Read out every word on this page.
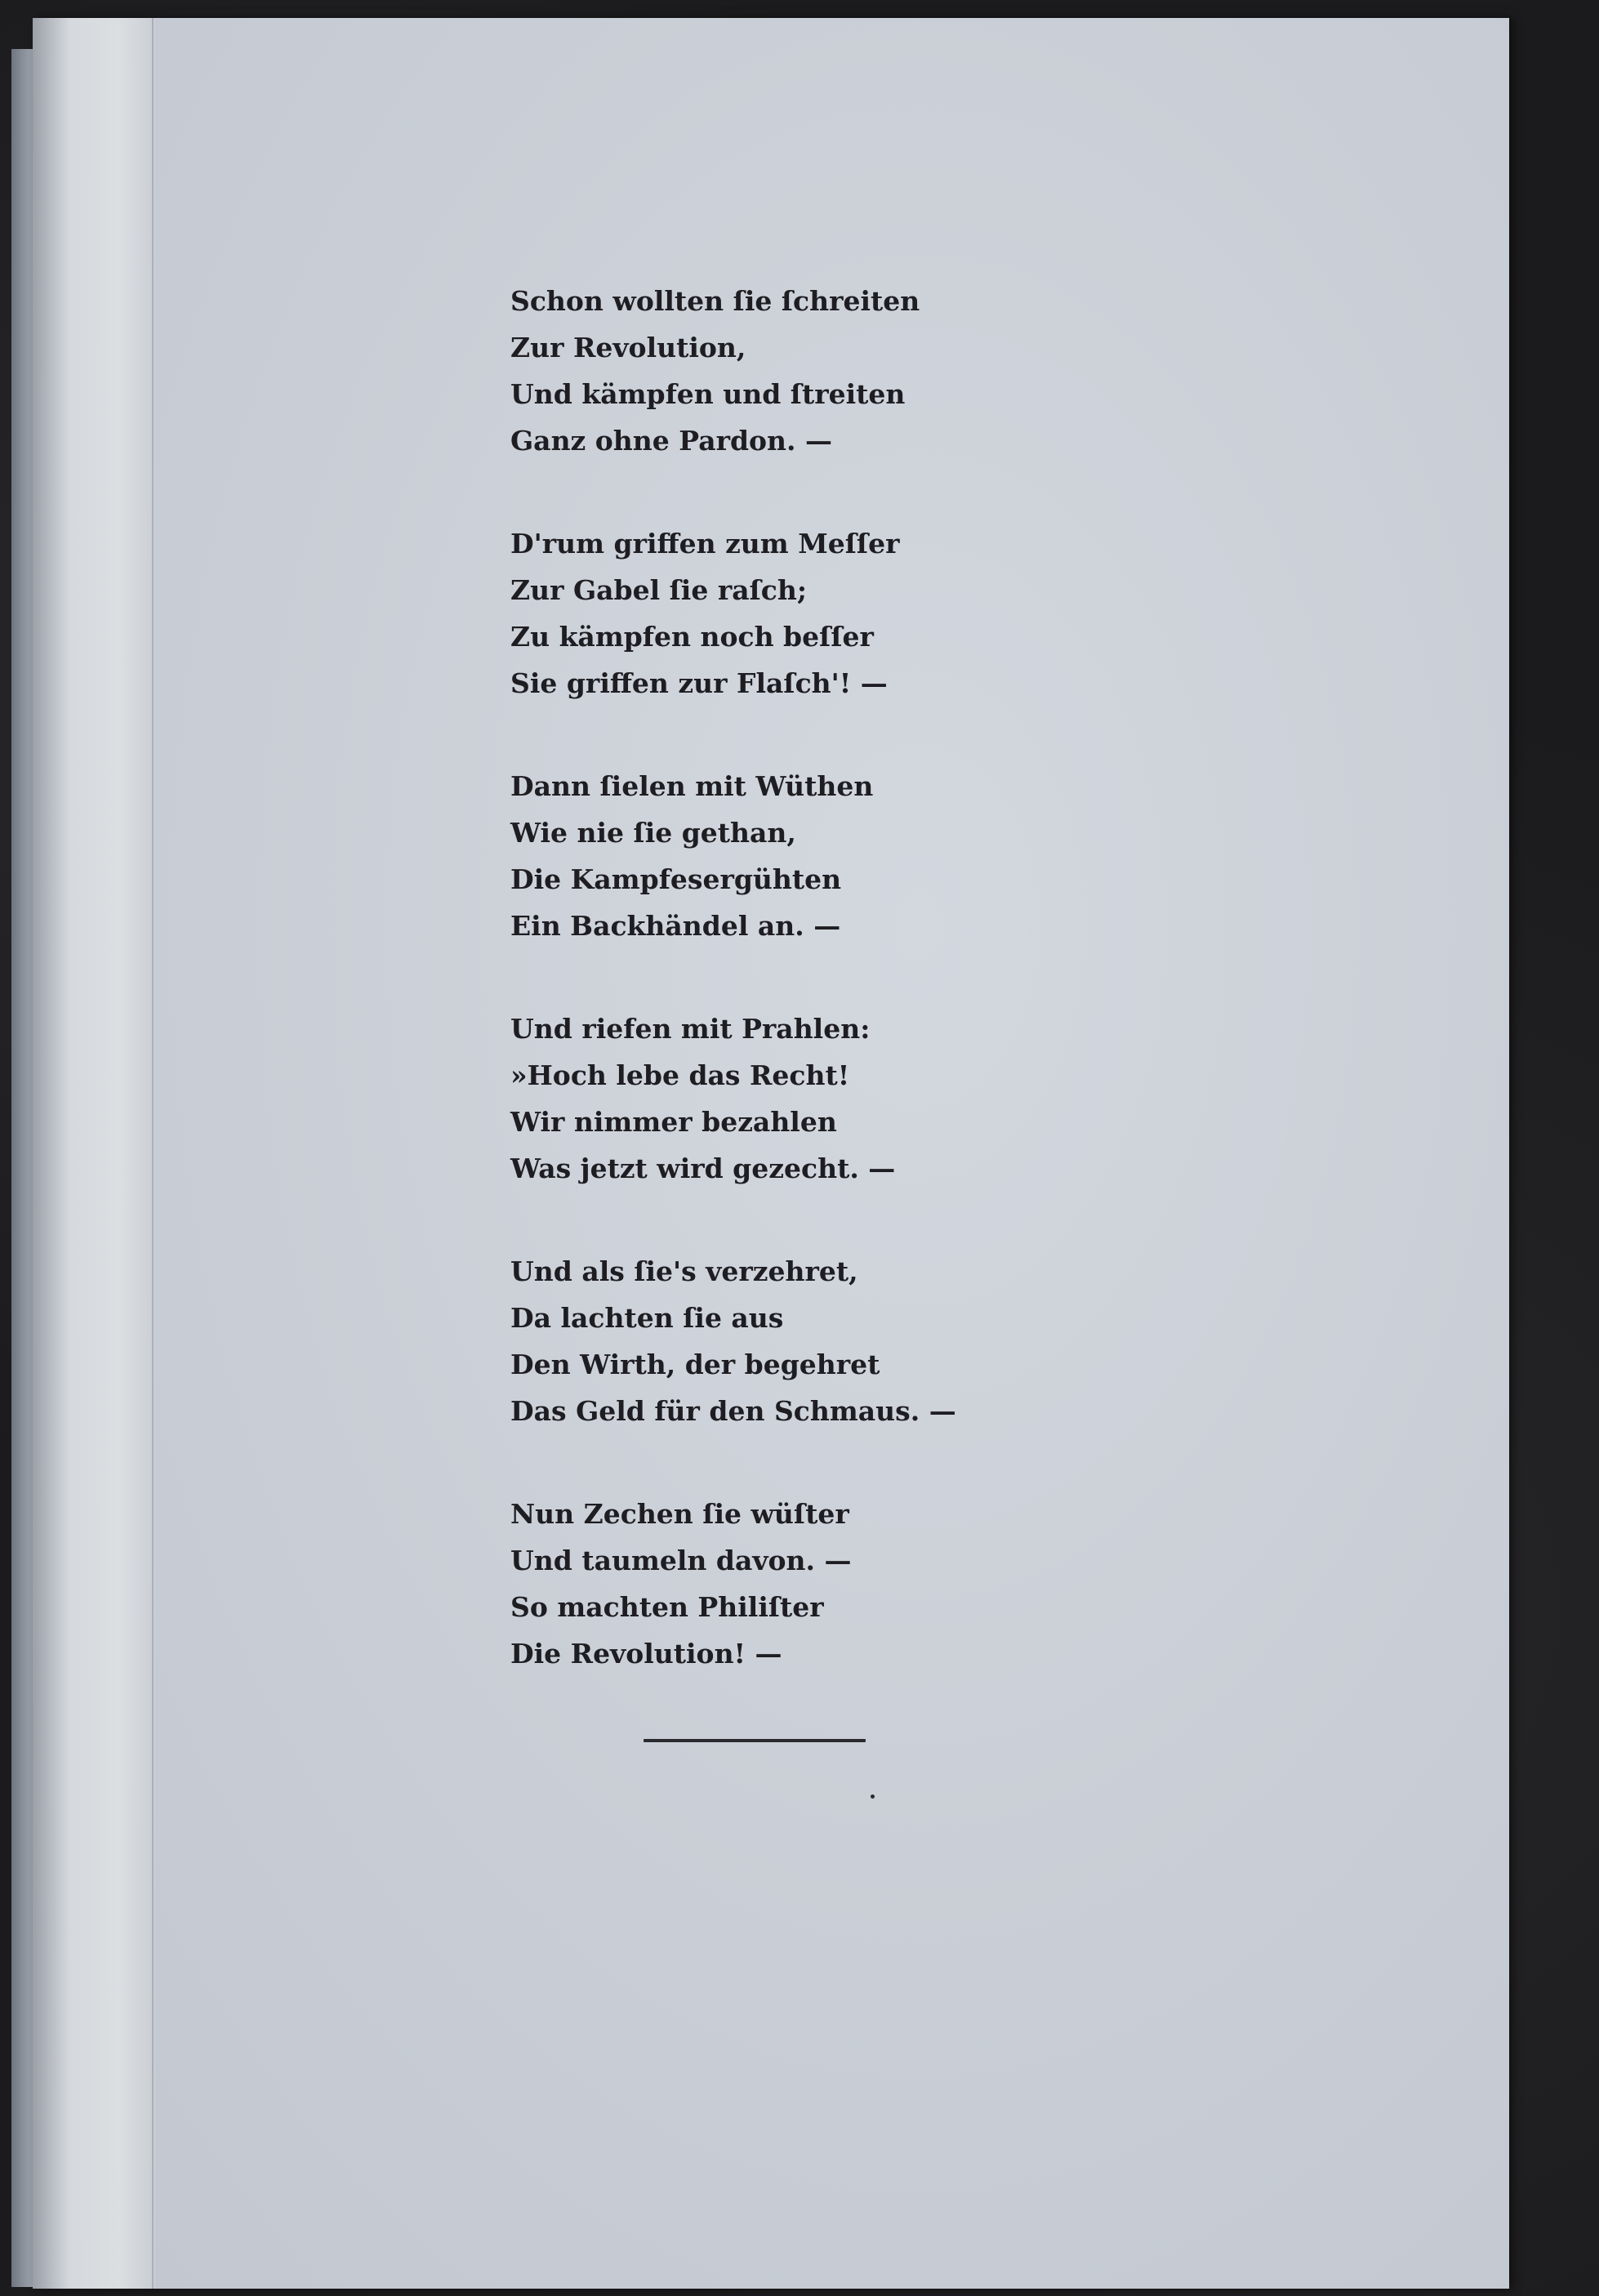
Schon wollten ſie ſchreiten
Zur Revolution,
Und kämpfen und ſtreiten
Ganz ohne Pardon. —
D'rum griffen zum Meſſer
Zur Gabel ſie raſch;
Zu kämpfen noch beſſer
Sie griffen zur Flaſch'! —
Dann ſielen mit Wüthen
Wie nie ſie gethan,
Die Kampfesergühten
Ein Backhändel an. —
Und riefen mit Prahlen:
»Hoch lebe das Recht!
Wir nimmer bezahlen
Was jetzt wird gezecht. —
Und als ſie's verzehret,
Da lachten ſie aus
Den Wirth, der begehret
Das Geld für den Schmaus. —
Nun Zechen ſie wüſter
Und taumeln davon. —
So machten Philiſter
Die Revolution! —
